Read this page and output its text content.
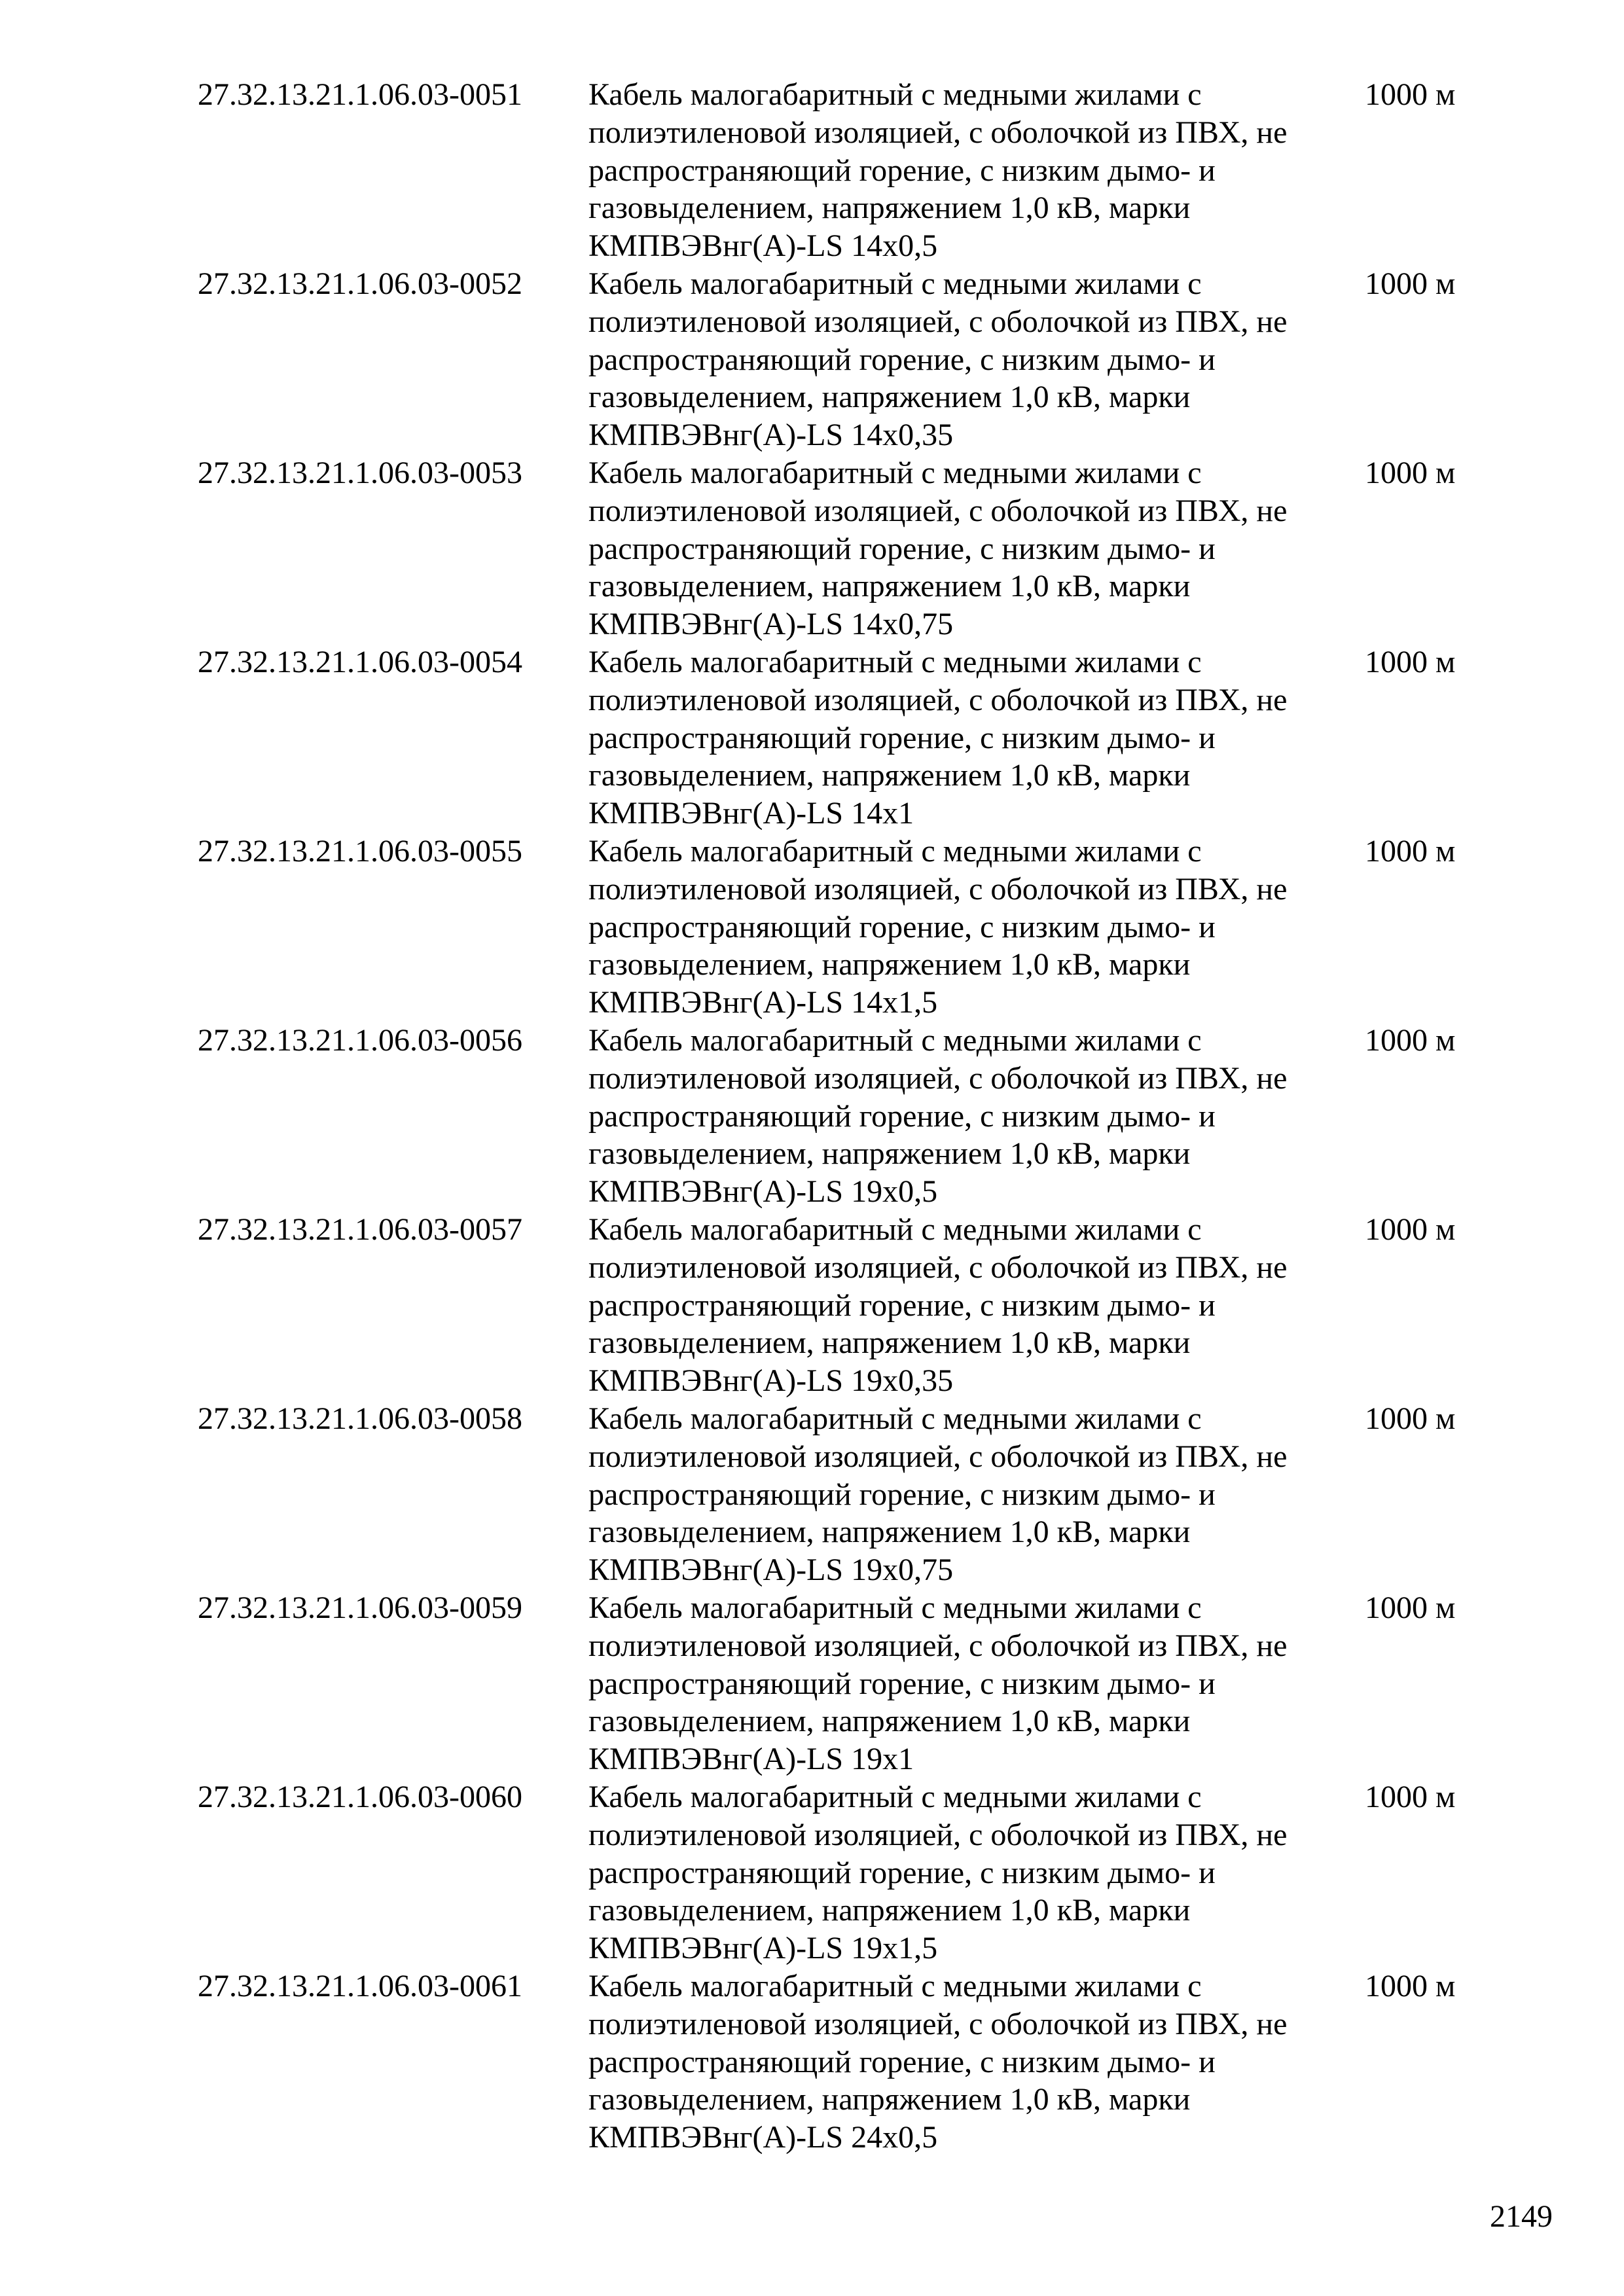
27.32.13.21.1.06.03-0051 Кабель малогабаритный с медными жилами с
полиэтиленовой изоляцией, с оболочкой из ПВХ, не
распространяющий горение, с низким дымо- и
газовыделением, напряжением 1,0 кВ, марки
КМПВЭВнг(А)-LS 14x0,5
1000 м
27.32.13.21.1.06.03-0052 Кабель малогабаритный с медными жилами с
полиэтиленовой изоляцией, с оболочкой из ПВХ, не
распространяющий горение, с низким дымо- и
газовыделением, напряжением 1,0 кВ, марки
КМПВЭВнг(А)-LS 14x0,35
1000 м
27.32.13.21.1.06.03-0053 Кабель малогабаритный с медными жилами с
полиэтиленовой изоляцией, с оболочкой из ПВХ, не
распространяющий горение, с низким дымо- и
газовыделением, напряжением 1,0 кВ, марки
КМПВЭВнг(А)-LS 14x0,75
1000 м
27.32.13.21.1.06.03-0054 Кабель малогабаритный с медными жилами с
полиэтиленовой изоляцией, с оболочкой из ПВХ, не
распространяющий горение, с низким дымо- и
газовыделением, напряжением 1,0 кВ, марки
КМПВЭВнг(А)-LS 14x1
1000 м
27.32.13.21.1.06.03-0055 Кабель малогабаритный с медными жилами с
полиэтиленовой изоляцией, с оболочкой из ПВХ, не
распространяющий горение, с низким дымо- и
газовыделением, напряжением 1,0 кВ, марки
КМПВЭВнг(А)-LS 14x1,5
1000 м
27.32.13.21.1.06.03-0056 Кабель малогабаритный с медными жилами с
полиэтиленовой изоляцией, с оболочкой из ПВХ, не
распространяющий горение, с низким дымо- и
газовыделением, напряжением 1,0 кВ, марки
КМПВЭВнг(А)-LS 19x0,5
1000 м
27.32.13.21.1.06.03-0057 Кабель малогабаритный с медными жилами с
полиэтиленовой изоляцией, с оболочкой из ПВХ, не
распространяющий горение, с низким дымо- и
газовыделением, напряжением 1,0 кВ, марки
КМПВЭВнг(А)-LS 19x0,35
1000 м
27.32.13.21.1.06.03-0058 Кабель малогабаритный с медными жилами с
полиэтиленовой изоляцией, с оболочкой из ПВХ, не
распространяющий горение, с низким дымо- и
газовыделением, напряжением 1,0 кВ, марки
КМПВЭВнг(А)-LS 19x0,75
1000 м
27.32.13.21.1.06.03-0059 Кабель малогабаритный с медными жилами с
полиэтиленовой изоляцией, с оболочкой из ПВХ, не
распространяющий горение, с низким дымо- и
газовыделением, напряжением 1,0 кВ, марки
КМПВЭВнг(А)-LS 19x1
1000 м
27.32.13.21.1.06.03-0060 Кабель малогабаритный с медными жилами с
полиэтиленовой изоляцией, с оболочкой из ПВХ, не
распространяющий горение, с низким дымо- и
газовыделением, напряжением 1,0 кВ, марки
КМПВЭВнг(А)-LS 19x1,5
1000 м
27.32.13.21.1.06.03-0061 Кабель малогабаритный с медными жилами с
полиэтиленовой изоляцией, с оболочкой из ПВХ, не
распространяющий горение, с низким дымо- и
газовыделением, напряжением 1,0 кВ, марки
КМПВЭВнг(А)-LS 24x0,5
1000 м
2149
